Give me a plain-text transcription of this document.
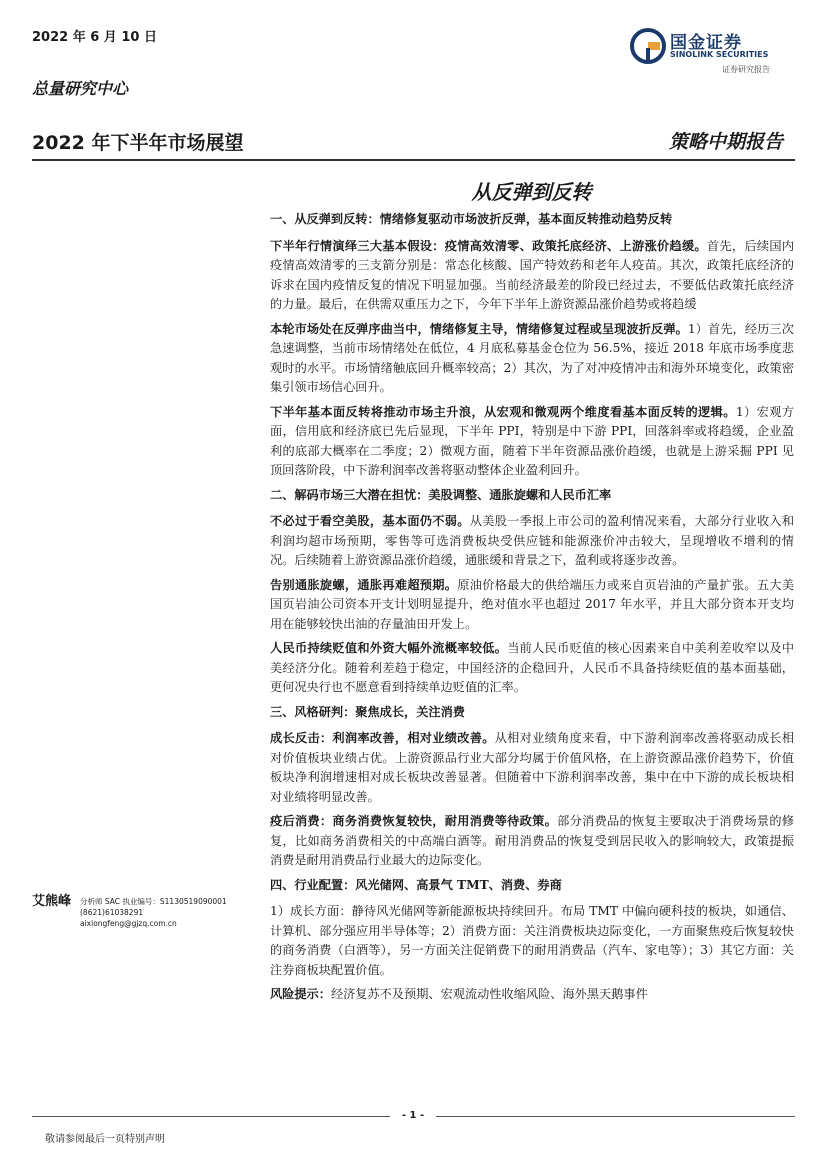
2022 年 6 月 10 日
总量研究中心
国金证券
SINOLINK SECURITIES
证券研究报告
2022 年下半年市场展望	策略中期报告
从反弹到反转

一、从反弹到反转：情绪修复驱动市场波折反弹，基本面反转推动趋势反转

下半年行情演绎三大基本假设：疫情高效清零、政策托底经济、上游涨价趋缓。首先，后续国内疫情高效清零的三支箭分别是：常态化核酸、国产特效药和老年人疫苗。其次，政策托底经济的诉求在国内疫情反复的情况下明显加强。当前经济最差的阶段已经过去，不要低估政策托底经济的力量。最后，在供需双重压力之下，今年下半年上游资源品涨价趋势或将趋缓

本轮市场处在反弹序曲当中，情绪修复主导，情绪修复过程或呈现波折反弹。1）首先，经历三次急速调整，当前市场情绪处在低位，4 月底私募基金仓位为 56.5%，接近 2018 年底市场季度悲观时的水平。市场情绪触底回升概率较高；2）其次，为了对冲疫情冲击和海外环境变化，政策密集引领市场信心回升。

下半年基本面反转将推动市场主升浪，从宏观和微观两个维度看基本面反转的逻辑。1）宏观方面，信用底和经济底已先后显现，下半年 PPI，特别是中下游 PPI，回落斜率或将趋缓，企业盈利的底部大概率在二季度；2）微观方面，随着下半年资源品涨价趋缓，也就是上游采掘 PPI 见顶回落阶段，中下游利润率改善将驱动整体企业盈利回升。

二、解码市场三大潜在担忧：美股调整、通胀旋螺和人民币汇率

不必过于看空美股，基本面仍不弱。从美股一季报上市公司的盈利情况来看，大部分行业收入和利润均超市场预期，零售等可选消费板块受供应链和能源涨价冲击较大，呈现增收不增利的情况。后续随着上游资源品涨价趋缓，通胀缓和背景之下，盈利或将逐步改善。

告别通胀旋螺，通胀再难超预期。原油价格最大的供给端压力或来自页岩油的产量扩张。五大美国页岩油公司资本开支计划明显提升，绝对值水平也超过 2017 年水平，并且大部分资本开支均用在能够较快出油的存量油田开发上。

人民币持续贬值和外资大幅外流概率较低。当前人民币贬值的核心因素来自中美利差收窄以及中美经济分化。随着利差趋于稳定，中国经济的企稳回升，人民币不具备持续贬值的基本面基础，更何况央行也不愿意看到持续单边贬值的汇率。

三、风格研判：聚焦成长，关注消费

成长反击：利润率改善，相对业绩改善。从相对业绩角度来看，中下游利润率改善将驱动成长相对价值板块业绩占优。上游资源品行业大部分均属于价值风格，在上游资源品涨价趋势下，价值板块净利润增速相对成长板块改善显著。但随着中下游利润率改善，集中在中下游的成长板块相对业绩将明显改善。

疫后消费：商务消费恢复较快，耐用消费等待政策。部分消费品的恢复主要取决于消费场景的修复，比如商务消费相关的中高端白酒等。耐用消费品的恢复受到居民收入的影响较大，政策提振消费是耐用消费品行业最大的边际变化。

四、行业配置：风光储网、高景气 TMT、消费、券商

1）成长方面：静待风光储网等新能源板块持续回升。布局 TMT 中偏向硬科技的板块，如通信、计算机、部分强应用半导体等；2）消费方面：关注消费板块边际变化，一方面聚焦疫后恢复较快的商务消费（白酒等），另一方面关注促销费下的耐用消费品（汽车、家电等）；3）其它方面：关注券商板块配置价值。

风险提示：经济复苏不及预期、宏观流动性收缩风险、海外黑天鹅事件

艾熊峰 分析师 SAC 执业编号：S1130519090001
(8621)61038291
aixiongfeng@gjzq.com.cn
- 1 -
敬请参阅最后一页特别声明
